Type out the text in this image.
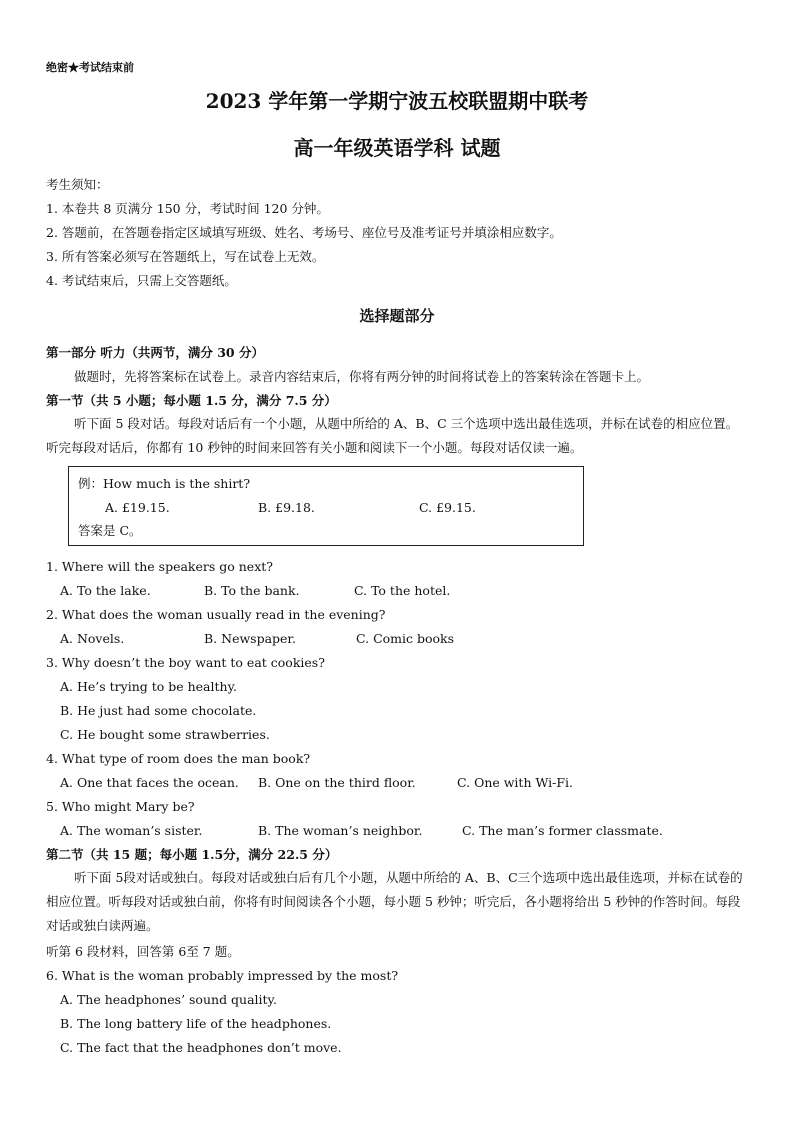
绝密★考试结束前
2023 学年第一学期宁波五校联盟期中联考
高一年级英语学科 试题
考生须知：
1. 本卷共 8 页满分 150 分，考试时间 120 分钟。
2. 答题前，在答题卷指定区域填写班级、姓名、考场号、座位号及准考证号并填涂相应数字。
3. 所有答案必须写在答题纸上，写在试卷上无效。
4. 考试结束后，只需上交答题纸。
选择题部分
第一部分 听力（共两节，满分 30 分）
做题时，先将答案标在试卷上。录音内容结束后，你将有两分钟的时间将试卷上的答案转涂在答题卡上。
第一节（共 5 小题；每小题 1.5 分，满分 7.5 分）
听下面 5 段对话。每段对话后有一个小题，从题中所给的 A、B、C 三个选项中选出最佳选项，并标在试卷的相应位置。听完每段对话后，你都有 10 秒钟的时间来回答有关小题和阅读下一个小题。每段对话仅读一遍。
例：How much is the shirt?
A. £19.15.	B. £9.18.	C. £9.15.
答案是 C。
1. Where will the speakers go next?
A. To the lake.	B. To the bank.	C. To the hotel.
2. What does the woman usually read in the evening?
A. Novels.	B. Newspaper.	C. Comic books
3. Why doesn’t the boy want to eat cookies?
A. He’s trying to be healthy.
B. He just had some chocolate.
C. He bought some strawberries.
4. What type of room does the man book?
A. One that faces the ocean. B. One on the third floor.	C. One with Wi-Fi.
5. Who might Mary be?
A. The woman’s sister.	B. The woman’s neighbor.	C. The man’s former classmate.
第二节（共 15 题；每小题 1.5分，满分 22.5 分）
听下面 5段对话或独白。每段对话或独白后有几个小题，从题中所给的 A、B、C三个选项中选出最佳选项，并标在试卷的相应位置。听每段对话或独白前，你将有时间阅读各个小题，每小题 5 秒钟；听完后，各小题将给出 5 秒钟的作答时间。每段对话或独白读两遍。
听第 6 段材料，回答第 6至 7 题。
6. What is the woman probably impressed by the most?
A. The headphones’ sound quality.
B. The long battery life of the headphones.
C. The fact that the headphones don’t move.
